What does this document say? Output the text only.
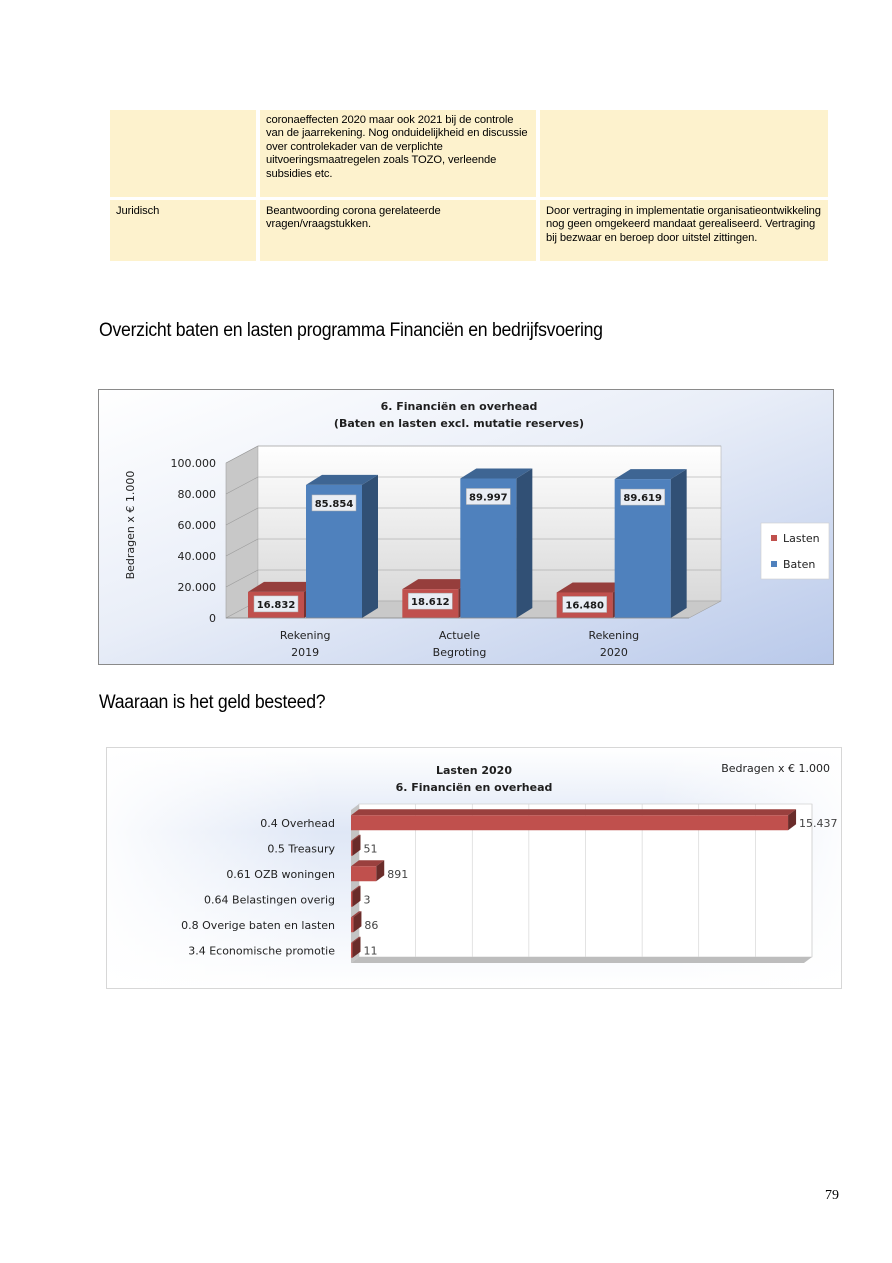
coronaeffecten 2020 maar ook 2021 bij de controle van de jaarrekening. Nog onduidelijkheid en discussie over controlekader van de verplichte uitvoeringsmaatregelen zoals TOZO, verleende subsidies etc.
Juridisch	Beantwoording corona gerelateerde vragen/vraagstukken.
Door vertraging in implementatie organisatieontwikkeling nog geen omgekeerd mandaat gerealiseerd. Vertraging bij bezwaar en beroep door uitstel zittingen.
Overzicht baten en lasten programma Financiën en bedrijfsvoering
0
20.000
40.000
60.000
80.000
100.000
16.832
85.854
Rekening
2019
18.612
89.997
Actuele
Begroting
16.480
89.619
Rekening
2020
Lasten
Baten
6. Financiën en overhead
(Baten en lasten excl. mutatie reserves)
Bedragen x € 1.000
Waaraan is het geld besteed?
15.437
0.4 Overhead
51
0.5 Treasury
891
0.61 OZB woningen
3
0.64 Belastingen overig
86
0.8 Overige baten en lasten
11
3.4 Economische promotie
Lasten 2020
6. Financiën en overhead
Bedragen x € 1.000
79
